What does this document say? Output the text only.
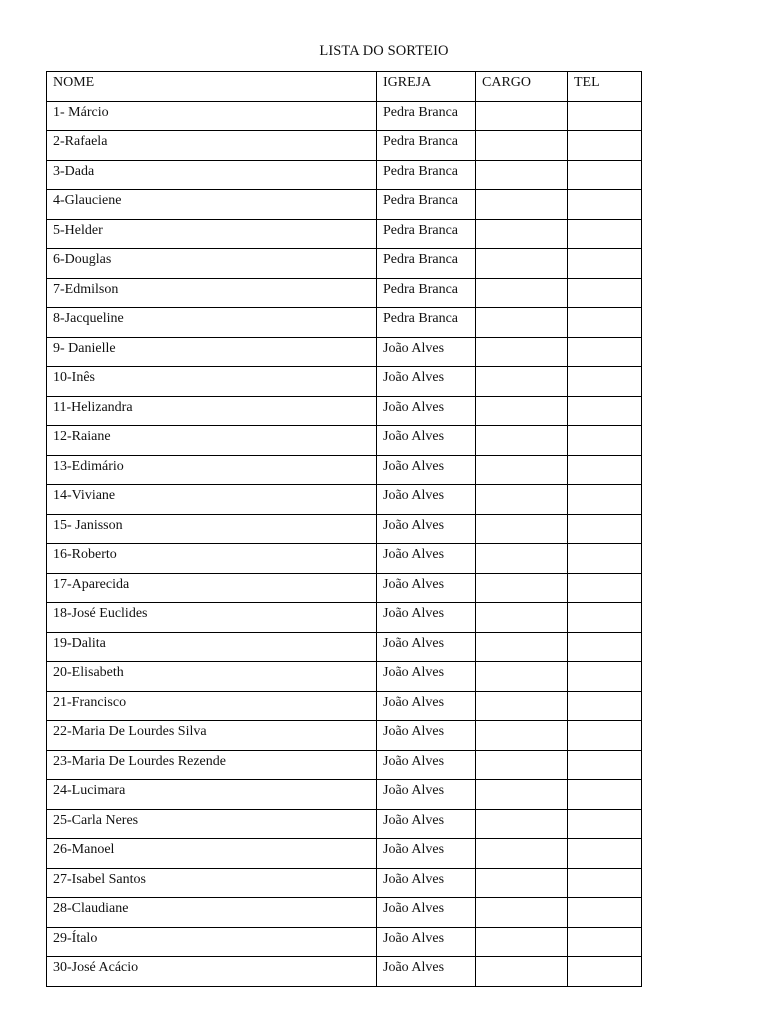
LISTA DO SORTEIO
NOME	IGREJA	CARGO	TEL
1- Márcio	Pedra Branca		
2-Rafaela	Pedra Branca		
3-Dada	Pedra Branca		
4-Glauciene	Pedra Branca		
5-Helder	Pedra Branca		
6-Douglas	Pedra Branca		
7-Edmilson	Pedra Branca		
8-Jacqueline	Pedra Branca		
9- Danielle	João Alves		
10-Inês	João Alves		
11-Helizandra	João Alves		
12-Raiane	João Alves		
13-Edimário	João Alves		
14-Viviane	João Alves		
15- Janisson	João Alves		
16-Roberto	João Alves		
17-Aparecida	João Alves		
18-José Euclides	João Alves		
19-Dalita	João Alves		
20-Elisabeth	João Alves		
21-Francisco	João Alves		
22-Maria De Lourdes Silva	João Alves		
23-Maria De Lourdes Rezende	João Alves		
24-Lucimara	João Alves		
25-Carla Neres	João Alves		
26-Manoel	João Alves		
27-Isabel Santos	João Alves		
28-Claudiane	João Alves		
29-Ítalo	João Alves		
30-José Acácio	João Alves		
